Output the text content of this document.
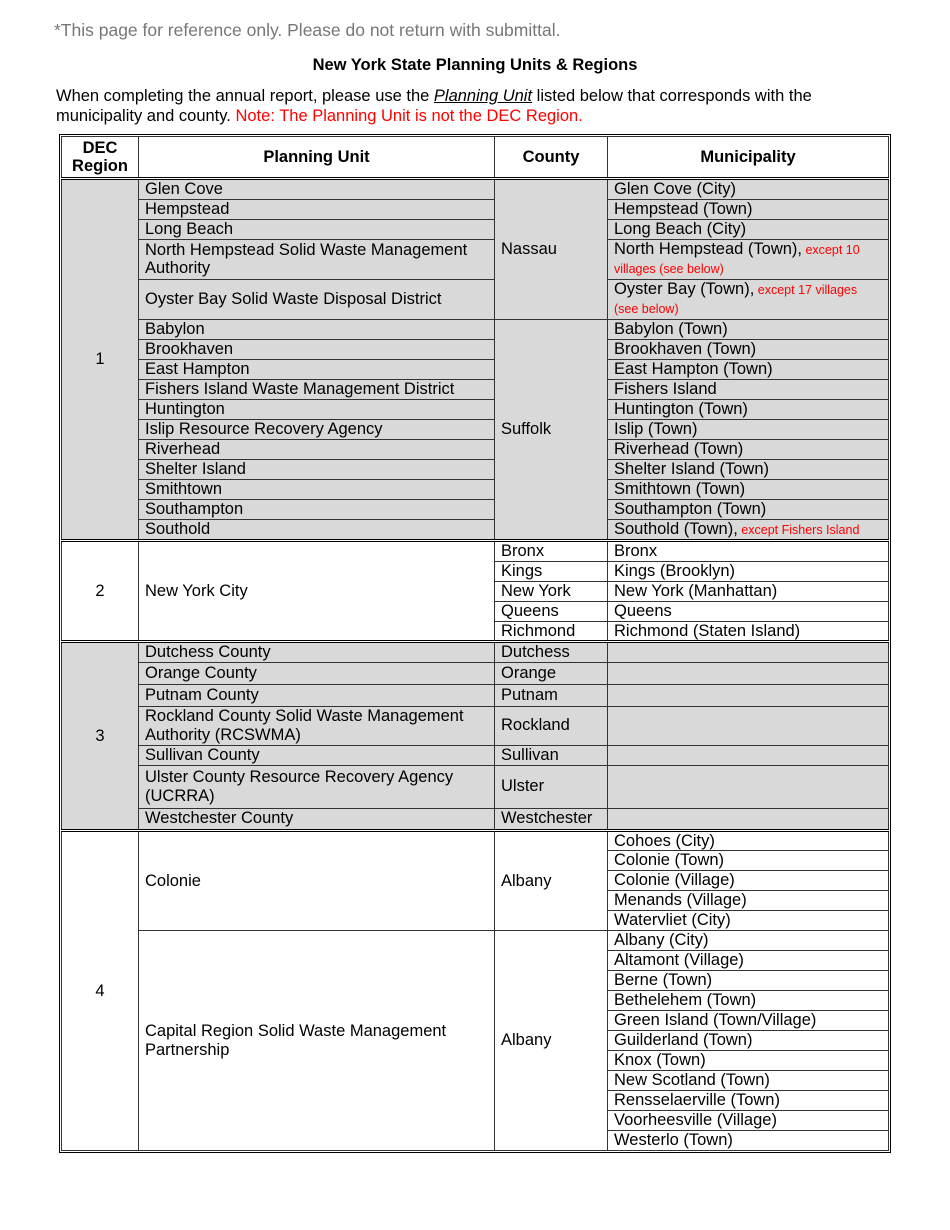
*This page for reference only. Please do not return with submittal.
New York State Planning Units & Regions
When completing the annual report, please use the Planning Unit listed below that corresponds with the municipality and county. Note: The Planning Unit is not the DEC Region.
DEC
Region	Planning Unit	County	Municipality
1	Glen Cove	Nassau	Glen Cove (City)
	Hempstead		Hempstead (Town)
	Long Beach		Long Beach (City)
	North Hempstead Solid Waste Management Authority		North Hempstead (Town), except 10 villages (see below)
	Oyster Bay Solid Waste Disposal District		Oyster Bay (Town), except 17 villages (see below)
	Babylon	Suffolk	Babylon (Town)
	Brookhaven		Brookhaven (Town)
	East Hampton		East Hampton (Town)
	Fishers Island Waste Management District		Fishers Island
	Huntington		Huntington (Town)
	Islip Resource Recovery Agency		Islip (Town)
	Riverhead		Riverhead (Town)
	Shelter Island		Shelter Island (Town)
	Smithtown		Smithtown (Town)
	Southampton		Southampton (Town)
	Southold		Southold (Town), except Fishers Island
2	New York City	Bronx	Bronx
		Kings	Kings (Brooklyn)
		New York	New York (Manhattan)
		Queens	Queens
		Richmond	Richmond (Staten Island)
3	Dutchess County	Dutchess	
	Orange County	Orange	
	Putnam County	Putnam	
	Rockland County Solid Waste Management Authority (RCSWMA)	Rockland	
	Sullivan County	Sullivan	
	Ulster County Resource Recovery Agency (UCRRA)	Ulster	
	Westchester County	Westchester	
4	Colonie	Albany	Cohoes (City)
			Colonie (Town)
			Colonie (Village)
			Menands (Village)
			Watervliet (City)
	Capital Region Solid Waste Management Partnership	Albany	Albany (City)
			Altamont (Village)
			Berne (Town)
			Bethelehem (Town)
			Green Island (Town/Village)
			Guilderland (Town)
			Knox (Town)
			New Scotland (Town)
			Rensselaerville (Town)
			Voorheesville (Village)
			Westerlo (Town)
